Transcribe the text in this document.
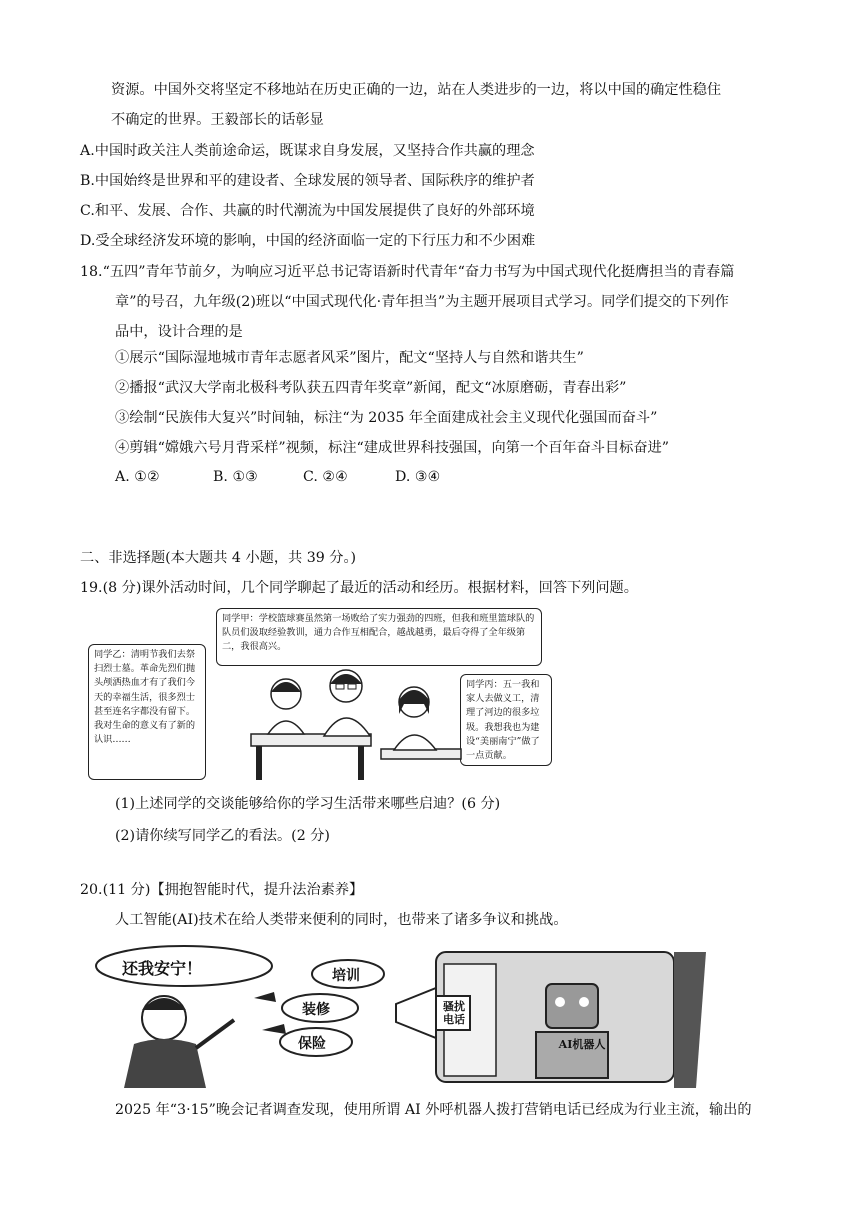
资源。中国外交将坚定不移地站在历史正确的一边，站在人类进步的一边，将以中国的确定性稳住
不确定的世界。王毅部长的话彰显
A.中国时政关注人类前途命运，既谋求自身发展，又坚持合作共赢的理念
B.中国始终是世界和平的建设者、全球发展的领导者、国际秩序的维护者
C.和平、发展、合作、共赢的时代潮流为中国发展提供了良好的外部环境
D.受全球经济发环境的影响，中国的经济面临一定的下行压力和不少困难
18.“五四”青年节前夕，为响应习近平总书记寄语新时代青年“奋力书写为中国式现代化挺膺担当的青春篇
章”的号召，九年级(2)班以“中国式现代化·青年担当”为主题开展项目式学习。同学们提交的下列作
品中，设计合理的是
①展示“国际湿地城市青年志愿者风采”图片，配文“坚持人与自然和谐共生”
②播报“武汉大学南北极科考队获五四青年奖章”新闻，配文“冰原磨砺，青春出彩”
③绘制“民族伟大复兴”时间轴，标注“为 2035 年全面建成社会主义现代化强国而奋斗”
④剪辑“嫦娥六号月背采样”视频，标注“建成世界科技强国，向第一个百年奋斗目标奋进”
A. ①②	B. ①③	C. ②④	D. ③④
二、非选择题(本大题共 4 小题，共 39 分。)
19.(8 分)课外活动时间，几个同学聊起了最近的活动和经历。根据材料，回答下列问题。
同学甲：学校篮球赛虽然第一场败给了实力强劲的四班，但我和班里篮球队的队员们汲取经验教训，通力合作互相配合，越战越勇，最后夺得了全年级第二，我很高兴。
同学乙：清明节我们去祭扫烈士墓。革命先烈们抛头颅洒热血才有了我们今天的幸福生活，很多烈士甚至连名字都没有留下。我对生命的意义有了新的认识……
同学丙：五一我和家人去做义工，清理了河边的很多垃圾。我想我也为建设“美丽南宁”做了一点贡献。
(1)上述同学的交谈能够给你的学习生活带来哪些启迪？(6 分)
(2)请你续写同学乙的看法。(2 分)
20.(11 分)【拥抱智能时代，提升法治素养】
人工智能(AI)技术在给人类带来便利的同时，也带来了诸多争议和挑战。
还我安宁！	培训
装修
保险
骚扰电话
AI机器人
2025 年“3·15”晚会记者调查发现，使用所谓 AI 外呼机器人拨打营销电话已经成为行业主流，输出的
